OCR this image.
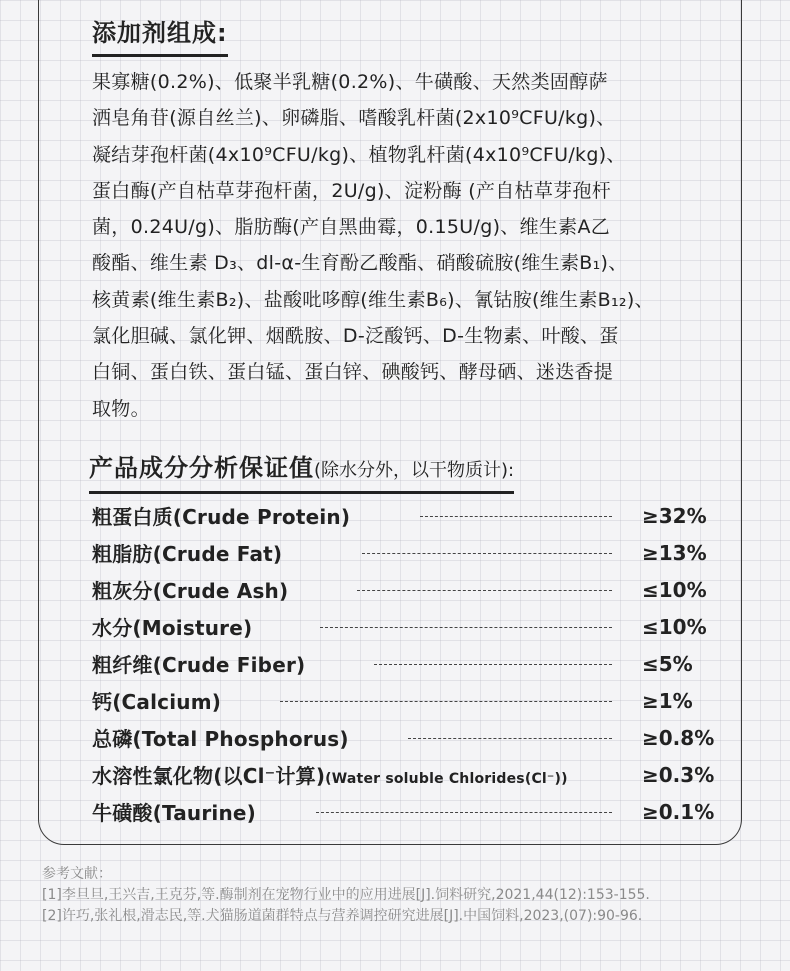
添加剂组成:
果寡糖(0.2%)、低聚半乳糖(0.2%)、牛磺酸、天然类固醇萨
洒皂角苷(源自丝兰)、卵磷脂、嗜酸乳杆菌(2x10⁹CFU/kg)、
凝结芽孢杆菌(4x10⁹CFU/kg)、植物乳杆菌(4x10⁹CFU/kg)、
蛋白酶(产自枯草芽孢杆菌，2U/g)、淀粉酶 (产自枯草芽孢杆
菌，0.24U/g)、脂肪酶(产自黑曲霉，0.15U/g)、维生素A乙
酸酯、维生素 D₃、dl-α-生育酚乙酸酯、硝酸硫胺(维生素B₁)、
核黄素(维生素B₂)、盐酸吡哆醇(维生素B₆)、氰钴胺(维生素B₁₂)、
氯化胆碱、氯化钾、烟酰胺、D-泛酸钙、D-生物素、叶酸、蛋
白铜、蛋白铁、蛋白锰、蛋白锌、碘酸钙、酵母硒、迷迭香提
取物。
产品成分分析保证值(除水分外，以干物质计):
粗蛋白质(Crude Protein)	≥32%
粗脂肪(Crude Fat)	≥13%
粗灰分(Crude Ash)	≤10%
水分(Moisture)	≤10%
粗纤维(Crude Fiber)	≤5%
钙(Calcium)	≥1%
总磷(Total Phosphorus)	≥0.8%
水溶性氯化物(以Cl⁻计算)(Water soluble Chlorides(Cl⁻))	≥0.3%
牛磺酸(Taurine)	≥0.1%
参考文献：
[1]李旦旦,王兴吉,王克芬,等.酶制剂在宠物行业中的应用进展[J].饲料研究,2021,44(12):153-155.
[2]许巧,张礼根,滑志民,等.犬猫肠道菌群特点与营养调控研究进展[J].中国饲料,2023,(07):90-96.
